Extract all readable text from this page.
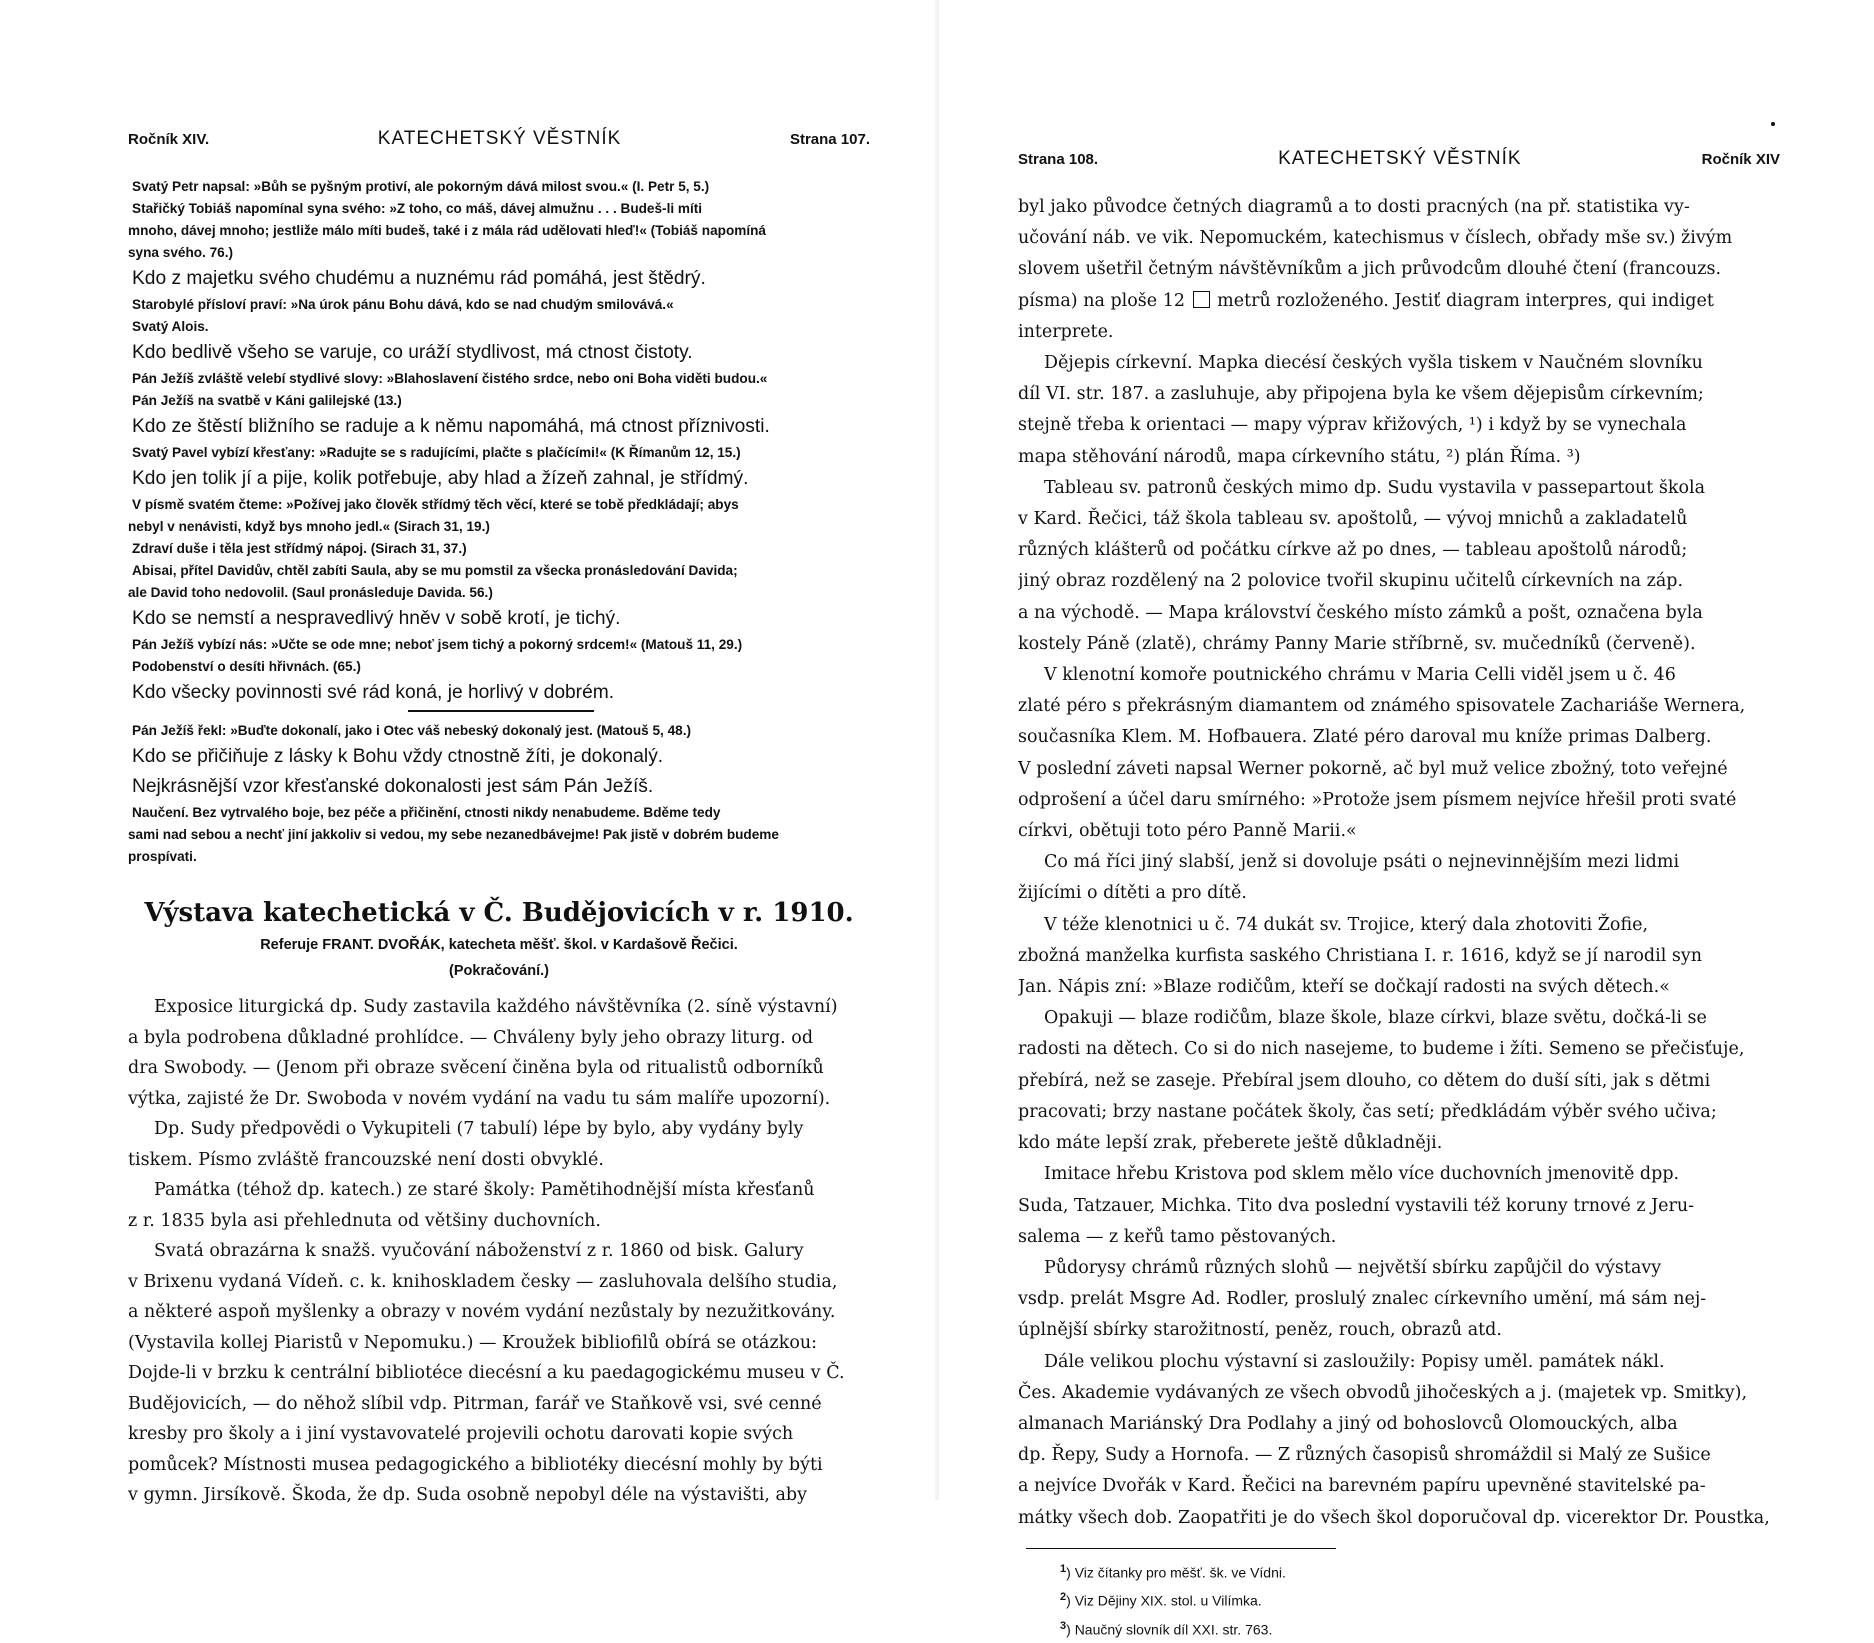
Ročník XIV.	KATECHETSKÝ VĚSTNÍK	Strana 107.
Svatý Petr napsal: »Bůh se pyšným protiví, ale pokorným dává milost svou.« (I. Petr 5, 5.)
Stařičký Tobiáš napomínal syna svého: »Z toho, co máš, dávej almužnu . . . Budeš-li míti
mnoho, dávej mnoho; jestliže málo míti budeš, také i z mála rád udělovati hleď!« (Tobiáš napomíná
syna svého. 76.)
Kdo z majetku svého chudému a nuznému rád pomáhá, jest štědrý.
Starobylé přísloví praví: »Na úrok pánu Bohu dává, kdo se nad chudým smilovává.«
Svatý Alois.
Kdo bedlivě všeho se varuje, co uráží stydlivost, má ctnost čistoty.
Pán Ježíš zvláště velebí stydlivé slovy: »Blahoslavení čistého srdce, nebo oni Boha viděti budou.«
Pán Ježíš na svatbě v Káni galilejské (13.)
Kdo ze štěstí bližního se raduje a k němu napomáhá, má ctnost příznivosti.
Svatý Pavel vybízí křesťany: »Radujte se s radujícími, plačte s plačícími!« (K Římanům 12, 15.)
Kdo jen tolik jí a pije, kolik potřebuje, aby hlad a žízeň zahnal, je střídmý.
V písmě svatém čteme: »Požívej jako člověk střídmý těch věcí, které se tobě předkládají; abys
nebyl v nenávisti, když bys mnoho jedl.« (Sirach 31, 19.)
Zdraví duše i těla jest střídmý nápoj. (Sirach 31, 37.)
Abisai, přítel Davidův, chtěl zabíti Saula, aby se mu pomstil za všecka pronásledování Davida;
ale David toho nedovolil. (Saul pronásleduje Davida. 56.)
Kdo se nemstí a nespravedlivý hněv v sobě krotí, je tichý.
Pán Ježíš vybízí nás: »Učte se ode mne; neboť jsem tichý a pokorný srdcem!« (Matouš 11, 29.)
Podobenství o desíti hřivnách. (65.)
Kdo všecky povinnosti své rád koná, je horlivý v dobrém.
Pán Ježíš řekl: »Buďte dokonalí, jako i Otec váš nebeský dokonalý jest. (Matouš 5, 48.)
Kdo se přičiňuje z lásky k Bohu vždy ctnostně žíti, je dokonalý.
Nejkrásnější vzor křesťanské dokonalosti jest sám Pán Ježíš.
Naučení. Bez vytrvalého boje, bez péče a přičinění, ctnosti nikdy nenabudeme. Bděme tedy
sami nad sebou a nechť jiní jakkoliv si vedou, my sebe nezanedbávejme! Pak jistě v dobrém budeme
prospívati.
Výstava katechetická v Č. Budějovicích v r. 1910.
Referuje FRANT. DVOŘÁK, katecheta měšť. škol. v Kardašově Řečici.
(Pokračování.)
Exposice liturgická dp. Sudy zastavila každého návštěvníka (2. síně výstavní)
a byla podrobena důkladné prohlídce. — Chváleny byly jeho obrazy liturg. od
dra Swobody. — (Jenom při obraze svěcení činěna byla od ritualistů odborníků
výtka, zajisté že Dr. Swoboda v novém vydání na vadu tu sám malíře upozorní).
Dp. Sudy předpovědi o Vykupiteli (7 tabulí) lépe by bylo, aby vydány byly
tiskem. Písmo zvláště francouzské není dosti obvyklé.
Památka (téhož dp. katech.) ze staré školy: Pamětihodnější místa křesťanů
z r. 1835 byla asi přehlednuta od většiny duchovních.
Svatá obrazárna k snažš. vyučování náboženství z r. 1860 od bisk. Galury
v Brixenu vydaná Vídeň. c. k. knihoskladem česky — zasluhovala delšího studia,
a některé aspoň myšlenky a obrazy v novém vydání nezůstaly by nezužitkovány.
(Vystavila kollej Piaristů v Nepomuku.) — Kroužek bibliofilů obírá se otázkou:
Dojde-li v brzku k centrální bibliotéce diecésní a ku paedagogickému museu v Č.
Budějovicích, — do něhož slíbil vdp. Pitrman, farář ve Staňkově vsi, své cenné
kresby pro školy a i jiní vystavovatelé projevili ochotu darovati kopie svých
pomůcek? Místnosti musea pedagogického a bibliotéky diecésní mohly by býti
v gymn. Jirsíkově. Škoda, že dp. Suda osobně nepobyl déle na výstavišti, aby
Strana 108.	KATECHETSKÝ VĚSTNÍK	Ročník XIV
byl jako původce četných diagramů a to dosti pracných (na př. statistika vy-
učování náb. ve vik. Nepomuckém, katechismus v číslech, obřady mše sv.) živým
slovem ušetřil četným návštěvníkům a jich průvodcům dlouhé čtení (francouzs.
písma) na ploše 12 metrů rozloženého. Jestiť diagram interpres, qui indiget
interprete.
Dějepis církevní. Mapka diecésí českých vyšla tiskem v Naučném slovníku
díl VI. str. 187. a zasluhuje, aby připojena byla ke všem dějepisům církevním;
stejně třeba k orientaci — mapy výprav křižových, ¹) i když by se vynechala
mapa stěhování národů, mapa církevního státu, ²) plán Říma. ³)
Tableau sv. patronů českých mimo dp. Sudu vystavila v passepartout škola
v Kard. Řečici, táž škola tableau sv. apoštolů, — vývoj mnichů a zakladatelů
různých klášterů od počátku církve až po dnes, — tableau apoštolů národů;
jiný obraz rozdělený na 2 polovice tvořil skupinu učitelů církevních na záp.
a na východě. — Mapa království českého místo zámků a pošt, označena byla
kostely Páně (zlatě), chrámy Panny Marie stříbrně, sv. mučedníků (červeně).
V klenotní komoře poutnického chrámu v Maria Celli viděl jsem u č. 46
zlaté péro s překrásným diamantem od známého spisovatele Zachariáše Wernera,
současníka Klem. M. Hofbauera. Zlaté péro daroval mu kníže primas Dalberg.
V poslední záveti napsal Werner pokorně, ač byl muž velice zbožný, toto veřejné
odprošení a účel daru smírného: »Protože jsem písmem nejvíce hřešil proti svaté
církvi, obětuji toto péro Panně Marii.«
Co má říci jiný slabší, jenž si dovoluje psáti o nejnevinnějším mezi lidmi
žijícími o dítěti a pro dítě.
V téže klenotnici u č. 74 dukát sv. Trojice, který dala zhotoviti Žofie,
zbožná manželka kurfista saského Christiana I. r. 1616, když se jí narodil syn
Jan. Nápis zní: »Blaze rodičům, kteří se dočkají radosti na svých dětech.«
Opakuji — blaze rodičům, blaze škole, blaze církvi, blaze světu, dočká-li se
radosti na dětech. Co si do nich nasejeme, to budeme i žíti. Semeno se přečisťuje,
přebírá, než se zaseje. Přebíral jsem dlouho, co dětem do duší síti, jak s dětmi
pracovati; brzy nastane počátek školy, čas setí; předkládám výběr svého učiva;
kdo máte lepší zrak, přeberete ještě důkladněji.
Imitace hřebu Kristova pod sklem mělo více duchovních jmenovitě dpp.
Suda, Tatzauer, Michka. Tito dva poslední vystavili též koruny trnové z Jeru-
salema — z keřů tamo pěstovaných.
Půdorysy chrámů různých slohů — největší sbírku zapůjčil do výstavy
vsdp. prelát Msgre Ad. Rodler, proslulý znalec církevního umění, má sám nej-
úplnější sbírky starožitností, peněz, rouch, obrazů atd.
Dále velikou plochu výstavní si zasloužily: Popisy uměl. památek nákl.
Čes. Akademie vydávaných ze všech obvodů jihočeských a j. (majetek vp. Smitky),
almanach Mariánský Dra Podlahy a jiný od bohoslovců Olomouckých, alba
dp. Řepy, Sudy a Hornofa. — Z různých časopisů shromáždil si Malý ze Sušice
a nejvíce Dvořák v Kard. Řečici na barevném papíru upevněné stavitelské pa-
mátky všech dob. Zaopatřiti je do všech škol doporučoval dp. vicerektor Dr. Poustka,
$^1$) Viz čítanky pro měšť. šk. ve Vídni.
$^2$) Viz Dějiny XIX. stol. u Vilímka.
$^3$) Naučný slovník díl XXI. str. 763.
